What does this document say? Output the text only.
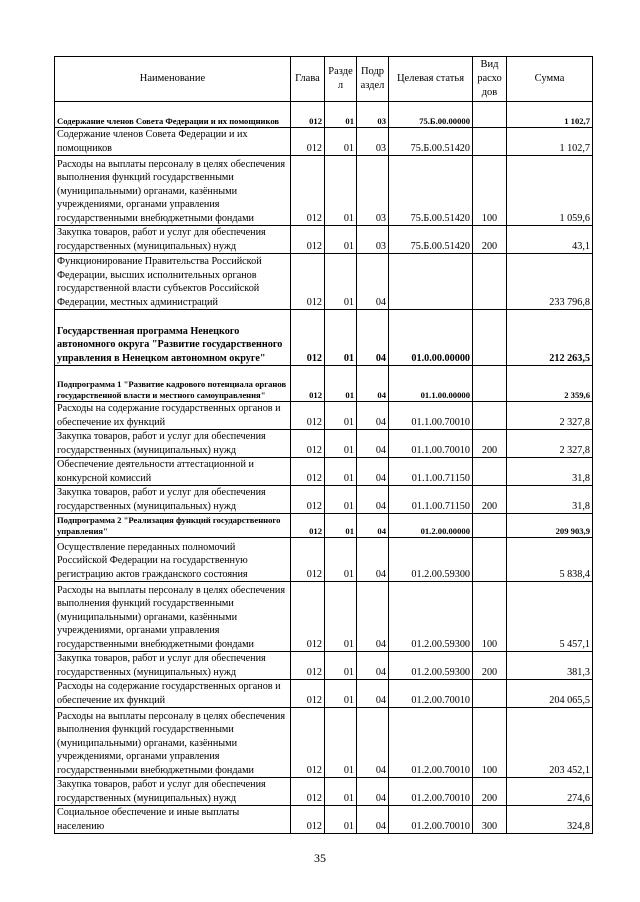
Наименование	Глава	Разде л	Подр аздел	Целевая статья	Вид расхо дов	Сумма
Содержание членов Совета Федерации и их помощников	012	01	03	75.Б.00.00000		1 102,7
Содержание членов Совета Федерации и их помощников	012	01	03	75.Б.00.51420		1 102,7
Расходы на выплаты персоналу в целях обеспечения выполнения функций государственными (муниципальными) органами, казёнными учреждениями, органами управления государственными внебюджетными фондами	012	01	03	75.Б.00.51420	100	1 059,6
Закупка товаров, работ и услуг для обеспечения государственных (муниципальных) нужд	012	01	03	75.Б.00.51420	200	43,1
Функционирование Правительства Российской Федерации, высших исполнительных органов государственной власти субъектов Российской Федерации, местных администраций	012	01	04			233 796,8
Государственная программа Ненецкого автономного округа "Развитие государственного управления в Ненецком автономном округе"	012	01	04	01.0.00.00000		212 263,5
Подпрограмма 1 "Развитие кадрового потенциала органов государственной власти и местного самоуправления"	012	01	04	01.1.00.00000		2 359,6
Расходы на содержание государственных органов и обеспечение их функций	012	01	04	01.1.00.70010		2 327,8
Закупка товаров, работ и услуг для обеспечения государственных (муниципальных) нужд	012	01	04	01.1.00.70010	200	2 327,8
Обеспечение деятельности аттестационной и конкурсной комиссий	012	01	04	01.1.00.71150		31,8
Закупка товаров, работ и услуг для обеспечения государственных (муниципальных) нужд	012	01	04	01.1.00.71150	200	31,8
Подпрограмма 2 "Реализация функций государственного управления"	012	01	04	01.2.00.00000		209 903,9
Осуществление переданных полномочий Российской Федерации на государственную регистрацию актов гражданского состояния	012	01	04	01.2.00.59300		5 838,4
Расходы на выплаты персоналу в целях обеспечения выполнения функций государственными (муниципальными) органами, казёнными учреждениями, органами управления государственными внебюджетными фондами	012	01	04	01.2.00.59300	100	5 457,1
Закупка товаров, работ и услуг для обеспечения государственных (муниципальных) нужд	012	01	04	01.2.00.59300	200	381,3
Расходы на содержание государственных органов и обеспечение их функций	012	01	04	01.2.00.70010		204 065,5
Расходы на выплаты персоналу в целях обеспечения выполнения функций государственными (муниципальными) органами, казёнными учреждениями, органами управления государственными внебюджетными фондами	012	01	04	01.2.00.70010	100	203 452,1
Закупка товаров, работ и услуг для обеспечения государственных (муниципальных) нужд	012	01	04	01.2.00.70010	200	274,6
Социальное обеспечение и иные выплаты населению	012	01	04	01.2.00.70010	300	324,8
35
